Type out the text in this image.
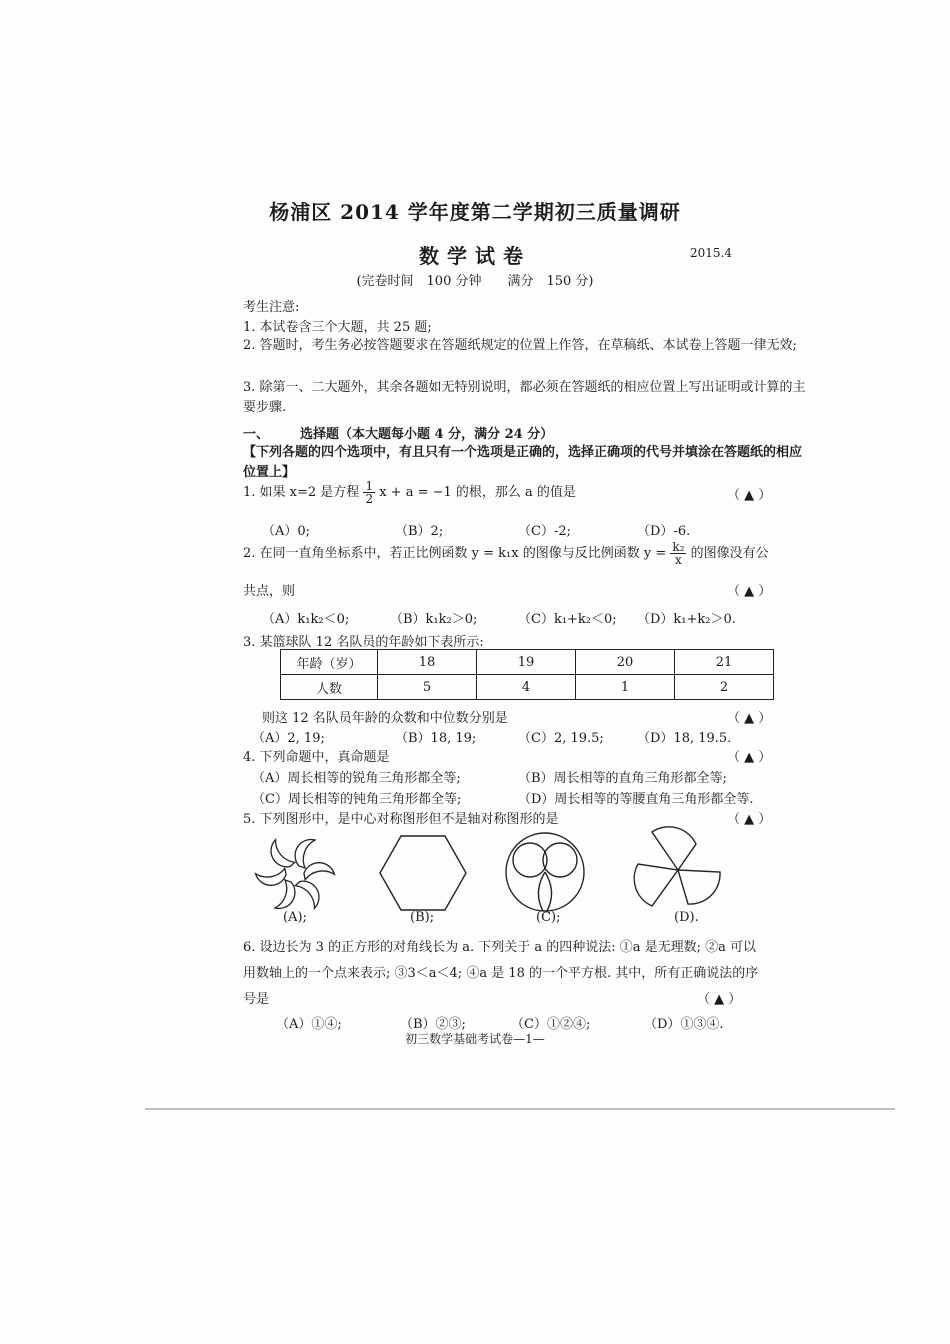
杨浦区 2014 学年度第二学期初三质量调研
数学试卷	2015.4
(完卷时间　100 分钟　　满分　150 分)
考生注意:
1. 本试卷含三个大题，共 25 题;
2. 答题时，考生务必按答题要求在答题纸规定的位置上作答，在草稿纸、本试卷上答题一律无效;
3. 除第一、二大题外，其余各题如无特别说明，都必须在答题纸的相应位置上写出证明或计算的主要步骤.
一、 选择题（本大题每小题 4 分，满分 24 分）
【下列各题的四个选项中，有且只有一个选项是正确的，选择正确项的代号并填涂在答题纸的相应位置上】
1. 如果 x=2 是方程 $\frac{1}{2}$ x + a = −1 的根，那么 a 的值是	（ ▲ ）
（A）0;	（B）2;	（C）-2;	（D）-6.
2. 在同一直角坐标系中，若正比例函数 y = k₁x 的图像与反比例函数 $y = \frac{\text{k₂}}{x}$ 的图像没有公
共点，则	（ ▲ ）
（A）k₁k₂＜0;	（B）k₁k₂＞0;	（C）k₁+k₂＜0; （D）k₁+k₂＞0.
3. 某篮球队 12 名队员的年龄如下表所示:
年龄（岁）	18	19	20	21
人数	5	4	1	2
则这 12 名队员年龄的众数和中位数分别是	（ ▲ ）
（A）2, 19;	（B）18, 19;	（C）2, 19.5;	（D）18, 19.5.
4. 下列命题中，真命题是	（ ▲ ）
（A）周长相等的锐角三角形都全等;	（B）周长相等的直角三角形都全等;
（C）周长相等的钝角三角形都全等;	（D）周长相等的等腰直角三角形都全等.
5. 下列图形中，是中心对称图形但不是轴对称图形的是	（ ▲ ）
(A);	(B);	(C);	(D).
6. 设边长为 3 的正方形的对角线长为 a. 下列关于 a 的四种说法: ①a 是无理数; ②a 可以
用数轴上的一个点来表示; ③3＜a＜4; ④a 是 18 的一个平方根. 其中，所有正确说法的序
号是	（ ▲ ）
（A）①④;	（B）②③;	（C）①②④;	（D）①③④.
初三数学基础考试卷—1—
